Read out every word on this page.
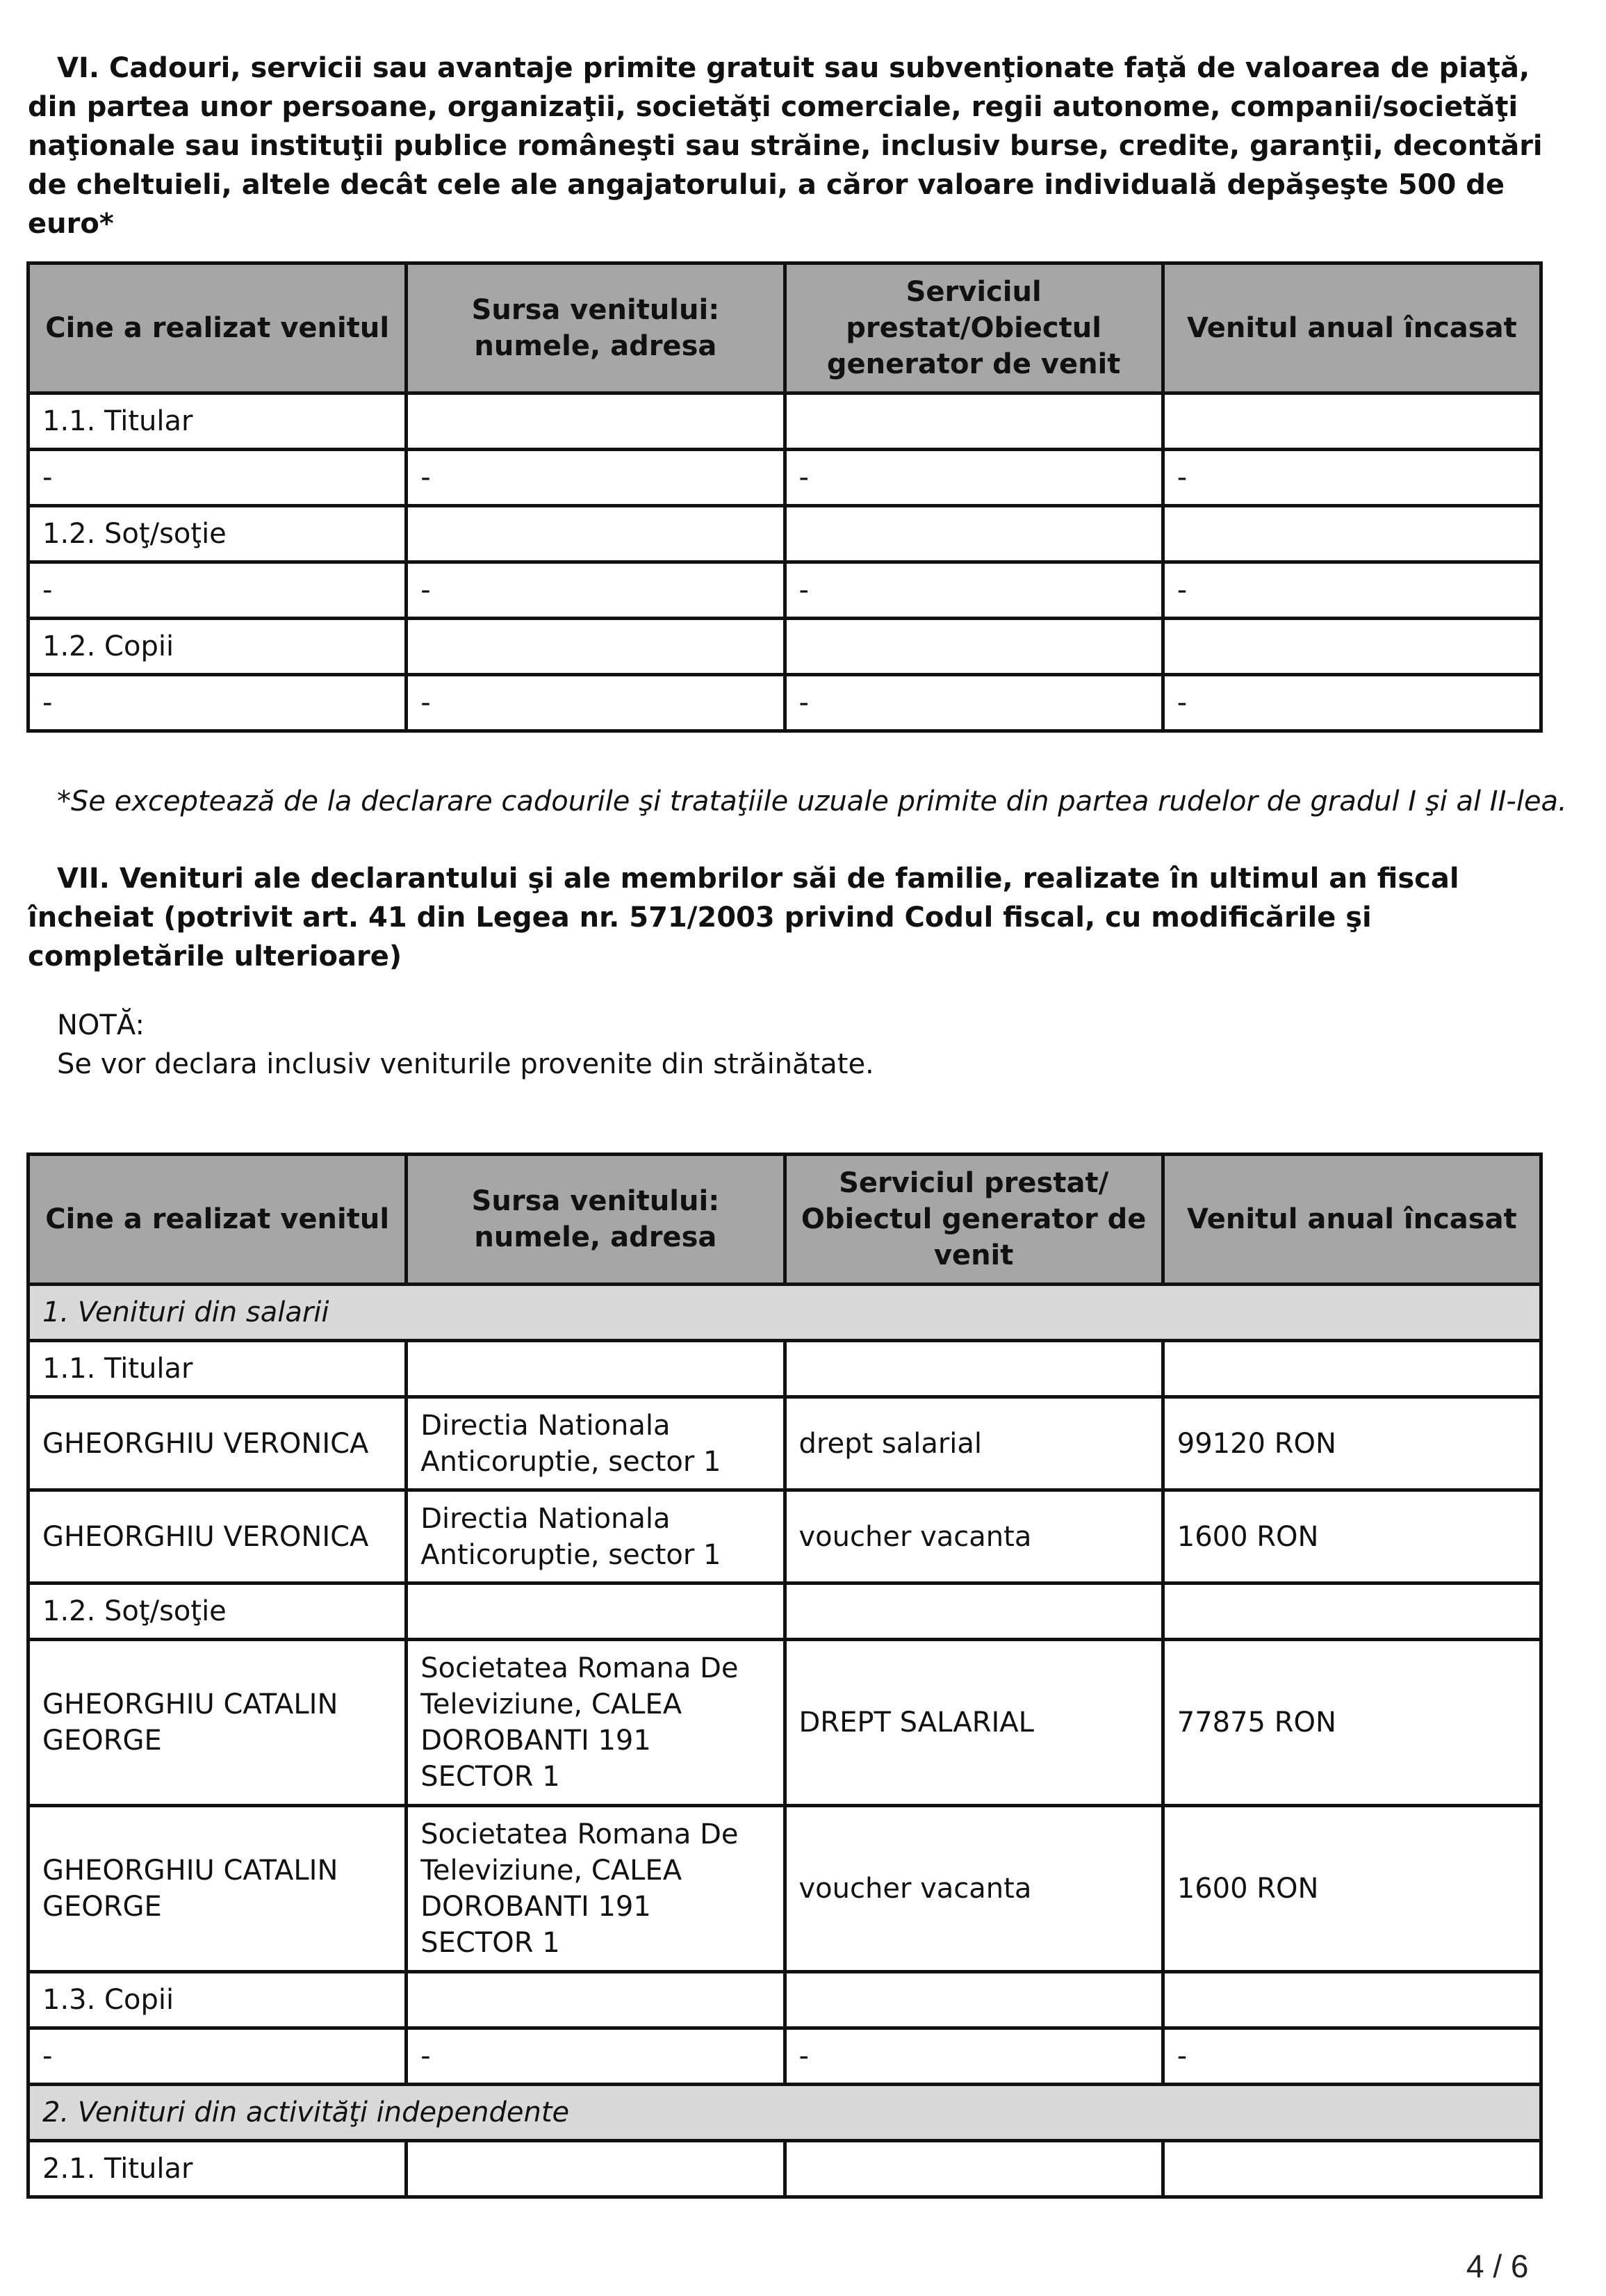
VI. Cadouri, servicii sau avantaje primite gratuit sau subvenţionate faţă de valoarea de piaţă, din partea unor persoane, organizaţii, societăţi comerciale, regii autonome, companii/societăţi naţionale sau instituţii publice româneşti sau străine, inclusiv burse, credite, garanţii, decontări de cheltuieli, altele decât cele ale angajatorului, a căror valoare individuală depăşeşte 500 de euro*

Cine a realizat venitul	Sursa venitului: numele, adresa	Serviciul prestat/Obiectul generator de venit	Venitul anual încasat
1.1. Titular			
-	-	-	-
1.2. Soţ/soţie			
-	-	-	-
1.2. Copii			
-	-	-	-

*Se exceptează de la declarare cadourile şi trataţiile uzuale primite din partea rudelor de gradul I şi al II-lea.

VII. Venituri ale declarantului şi ale membrilor săi de familie, realizate în ultimul an fiscal încheiat (potrivit art. 41 din Legea nr. 571/2003 privind Codul fiscal, cu modificările şi completările ulterioare)

NOTĂ:
Se vor declara inclusiv veniturile provenite din străinătate.
Cine a realizat venitul	Sursa venitului: numele, adresa	Serviciul prestat/ Obiectul generator de venit	Venitul anual încasat
1. Venituri din salarii			
1.1. Titular			
GHEORGHIU VERONICA	Directia Nationala Anticoruptie, sector 1	drept salarial	99120 RON
GHEORGHIU VERONICA	Directia Nationala Anticoruptie, sector 1	voucher vacanta	1600 RON
1.2. Soţ/soţie			
GHEORGHIU CATALIN GEORGE	Societatea Romana De Televiziune, CALEA DOROBANTI 191 SECTOR 1	DREPT SALARIAL	77875 RON
GHEORGHIU CATALIN GEORGE	Societatea Romana De Televiziune, CALEA DOROBANTI 191 SECTOR 1	voucher vacanta	1600 RON
1.3. Copii			
-	-	-	-
2. Venituri din activităţi independente			
2.1. Titular			
4 / 6
